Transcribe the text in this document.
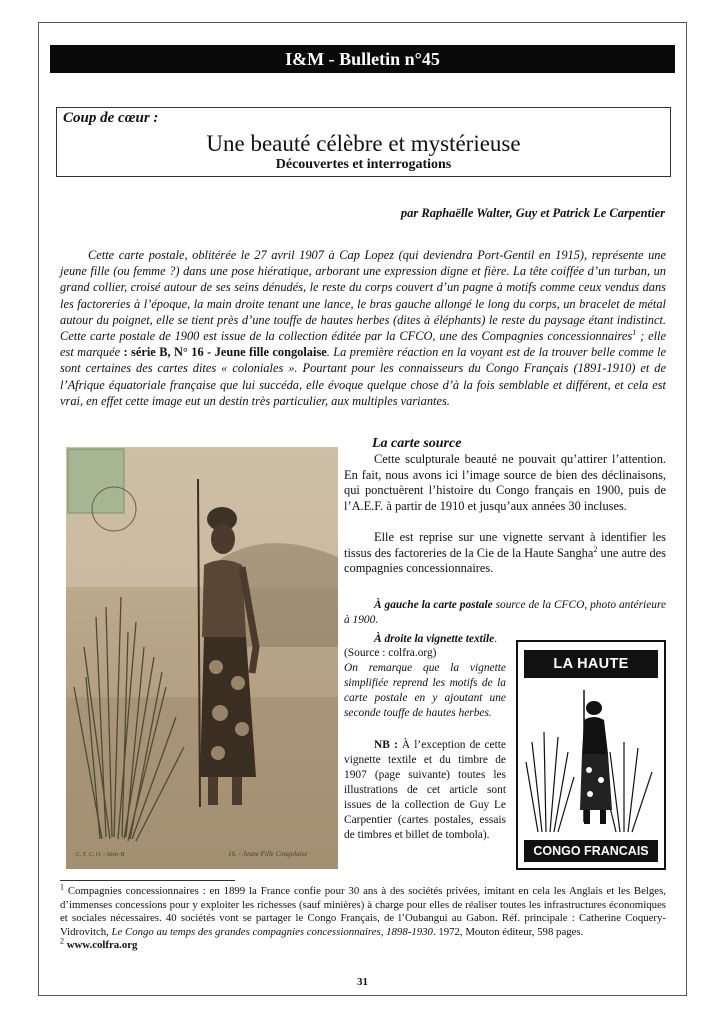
I&M - Bulletin n°45
Coup de cœur :
Une beauté célèbre et mystérieuse
Découvertes et interrogations
par Raphaëlle Walter, Guy et Patrick Le Carpentier

Cette carte postale, oblitérée le 27 avril 1907 à Cap Lopez (qui deviendra Port-Gentil en 1915), représente une jeune fille (ou femme ?) dans une pose hiératique, arborant une expression digne et fière. La tête coiffée d’un turban, un grand collier, croisé autour de ses seins dénudés, le reste du corps couvert d’un pagne à motifs comme ceux vendus dans les factoreries à l’époque, la main droite tenant une lance, le bras gauche allongé le long du corps, un bracelet de métal autour du poignet, elle se tient près d’une touffe de hautes herbes (dites à éléphants) le reste du paysage étant indistinct. Cette carte postale de 1900 est issue de la collection éditée par la CFCO, une des Compagnies concessionnaires$^1$ ; elle est marquée : série B, N° 16 - Jeune fille congolaise. La première réaction en la voyant est de la trouver belle comme le sont certaines des cartes dites « coloniales ». Pourtant pour les connaisseurs du Congo Français (1891-1910) et de l’Afrique équatoriale française que lui succéda, elle évoque quelque chose d’à la fois semblable et différent, et cela est vrai, en effet cette image eut un destin très particulier, aux multiples variantes.

C. F. C. O. - Série B	16. - Jeune Fille Congolaise
La carte source

Cette sculpturale beauté ne pouvait qu’attirer l’attention. En fait, nous avons ici l’image source de bien des déclinaisons, qui ponctuèrent l’histoire du Congo français en 1900, puis de l’A.E.F. à partir de 1910 et jusqu’aux années 30 incluses.

Elle est reprise sur une vignette servant à identifier les tissus des factoreries de la Cie de la Haute Sangha$^2$ une autre des compagnies concessionnaires.

À gauche la carte postale source de la CFCO, photo antérieure à 1900.

À droite la vignette textile.

(Source : colfra.org)

On remarque que la vignette simplifiée reprend les motifs de la carte postale en y ajoutant une seconde touffe de hautes herbes.

NB : À l’exception de cette vignette textile et du timbre de 1907 (page suivante) toutes les illustrations de cet article sont issues de la collection de Guy Le Carpentier (cartes postales, essais de timbres et billet de tombola).

LA HAUTE SANGHA
CONGO FRANCAIS

$^1$ Compagnies concessionnaires : en 1899 la France confie pour 30 ans à des sociétés privées, imitant en cela les Anglais et les Belges, d’immenses concessions pour y exploiter les richesses (sauf minières) à charge pour elles de réaliser toutes les infrastructures économiques et sociales nécessaires. 40 sociétés vont se partager le Congo Français, de l’Oubangui au Gabon. Réf. principale : Catherine Coquery-Vidrovitch, Le Congo au temps des grandes compagnies concessionnaires, 1898-1930. 1972, Mouton éditeur, 598 pages.

$^2$ www.colfra.org

31
